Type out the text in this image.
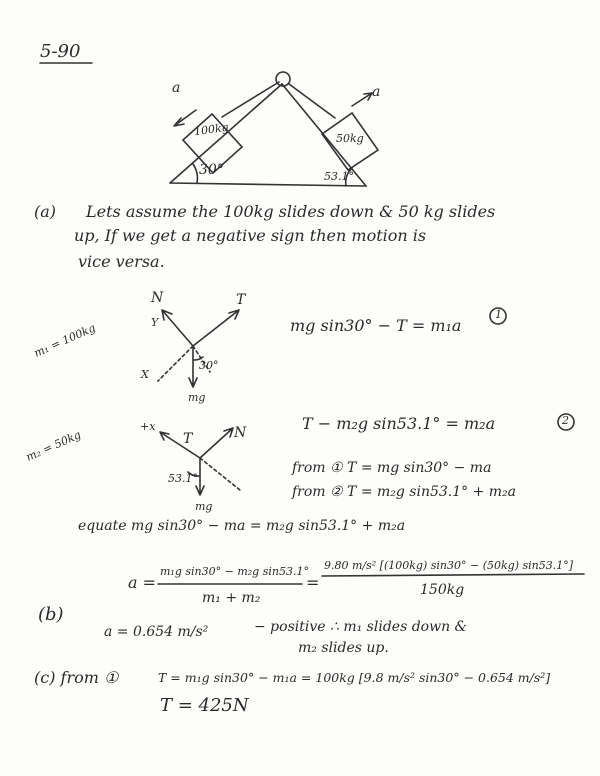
5-90
a	a
100kg
50kg
30°	53.1°
(a) Lets assume the 100kg slides down & 50 kg slides
up, If we get a negative sign then motion is
vice versa.
m₁ = 100kg
N
Y
T
X
30°
mg
mg sin30° − T = m₁a
1
m₂ = 50kg
+x
T	N
53.1°
mg
T − m₂g sin53.1° = m₂a	2
from ① T = mg sin30° − ma
from ② T = m₂g sin53.1° + m₂a
equate mg sin30° − ma = m₂g sin53.1° + m₂a
a =
m₁g sin30° − m₂g sin53.1°
m₁ + m₂
=
9.80 m/s² [(100kg) sin30° − (50kg) sin53.1°]
150kg
(b)
a = 0.654 m/s²	− positive ∴ m₁ slides down &
m₂ slides up.
(c) from ①	T = m₁g sin30° − m₁a = 100kg [9.8 m/s² sin30° − 0.654 m/s²]
T = 425N
